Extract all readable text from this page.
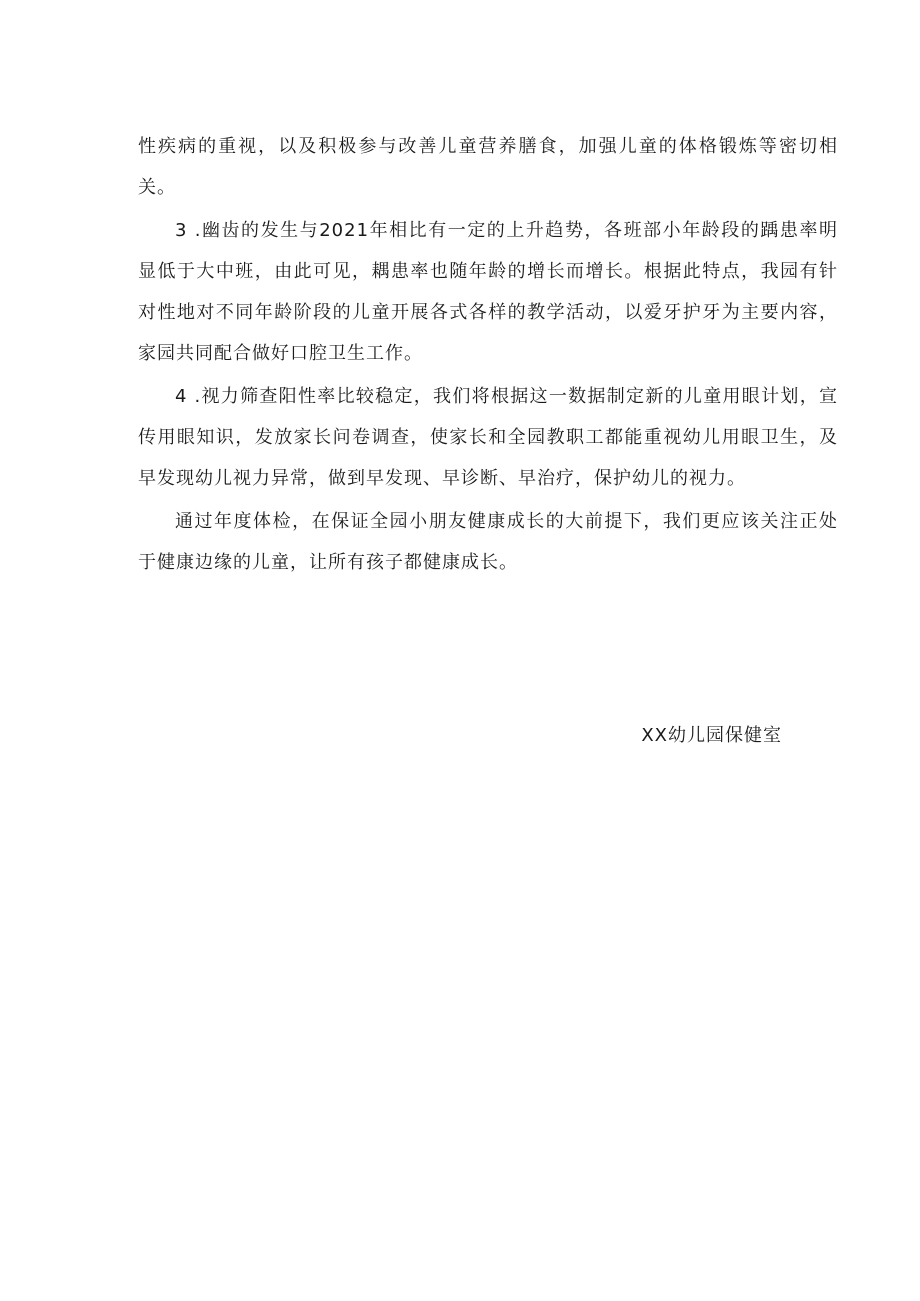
性疾病的重视，以及积极参与改善儿童营养膳食，加强儿童的体格锻炼等密切相关。

3 .幽齿的发生与2021年相比有一定的上升趋势，各班部小年龄段的踽患率明显低于大中班，由此可见，耦患率也随年龄的增长而增长。根据此特点，我园有针对性地对不同年龄阶段的儿童开展各式各样的教学活动，以爱牙护牙为主要内容，家园共同配合做好口腔卫生工作。

4 .视力筛查阳性率比较稳定，我们将根据这一数据制定新的儿童用眼计划，宣传用眼知识，发放家长问卷调查，使家长和全园教职工都能重视幼儿用眼卫生，及早发现幼儿视力异常，做到早发现、早诊断、早治疗，保护幼儿的视力。

通过年度体检，在保证全园小朋友健康成长的大前提下，我们更应该关注正处于健康边缘的儿童，让所有孩子都健康成长。

XX幼儿园保健室
